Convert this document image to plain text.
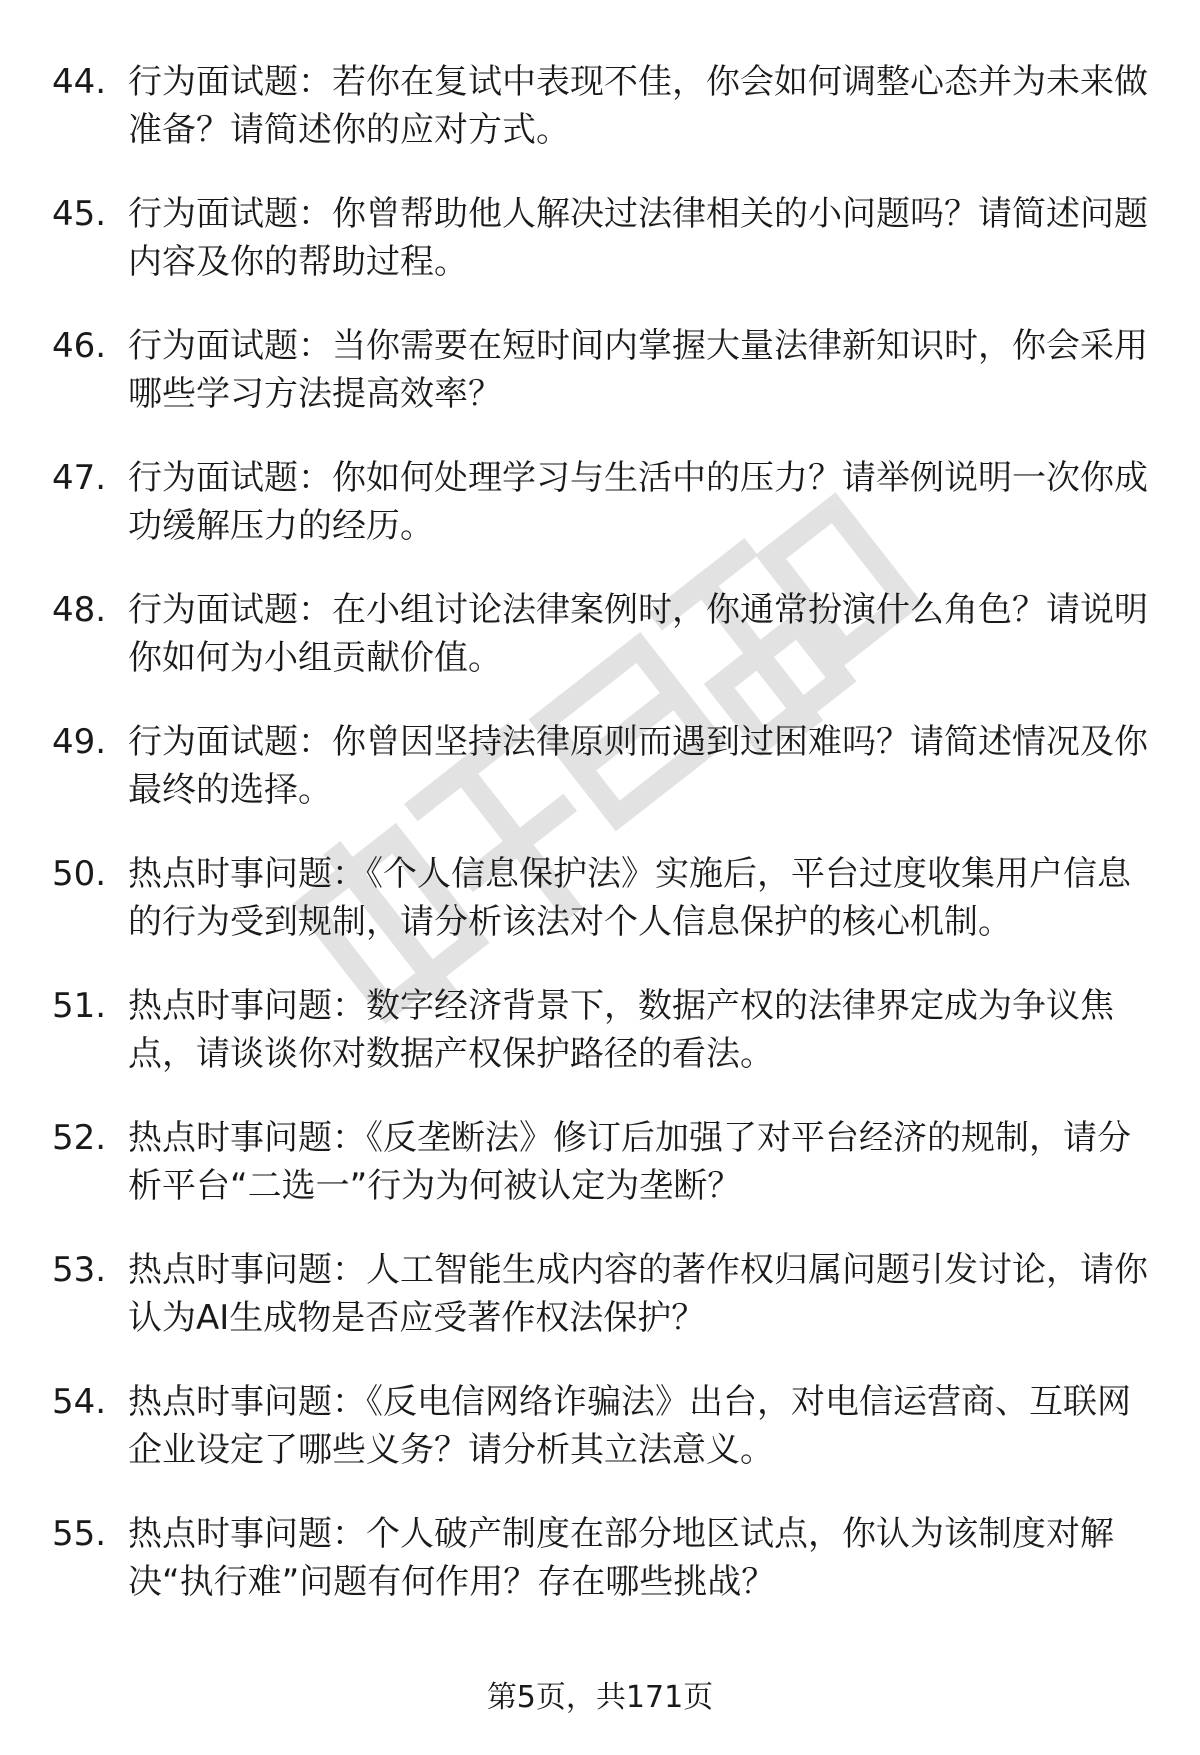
44. 行为面试题：若你在复试中表现不佳，你会如何调整心态并为未来做准备？请简述你的应对方式。
45. 行为面试题：你曾帮助他人解决过法律相关的小问题吗？请简述问题内容及你的帮助过程。
46. 行为面试题：当你需要在短时间内掌握大量法律新知识时，你会采用哪些学习方法提高效率？
47. 行为面试题：你如何处理学习与生活中的压力？请举例说明一次你成功缓解压力的经历。
48. 行为面试题：在小组讨论法律案例时，你通常扮演什么角色？请说明你如何为小组贡献价值。
49. 行为面试题：你曾因坚持法律原则而遇到过困难吗？请简述情况及你最终的选择。
50. 热点时事问题：《个人信息保护法》实施后，平台过度收集用户信息的行为受到规制，请分析该法对个人信息保护的核心机制。
51. 热点时事问题：数字经济背景下，数据产权的法律界定成为争议焦点，请谈谈你对数据产权保护路径的看法。
52. 热点时事问题：《反垄断法》修订后加强了对平台经济的规制，请分析平台“二选一”行为为何被认定为垄断？
53. 热点时事问题：人工智能生成内容的著作权归属问题引发讨论，请你认为AI生成物是否应受著作权法保护？
54. 热点时事问题：《反电信网络诈骗法》出台，对电信运营商、互联网企业设定了哪些义务？请分析其立法意义。
55. 热点时事问题：个人破产制度在部分地区试点，你认为该制度对解决“执行难”问题有何作用？存在哪些挑战？
第5页，共171页
